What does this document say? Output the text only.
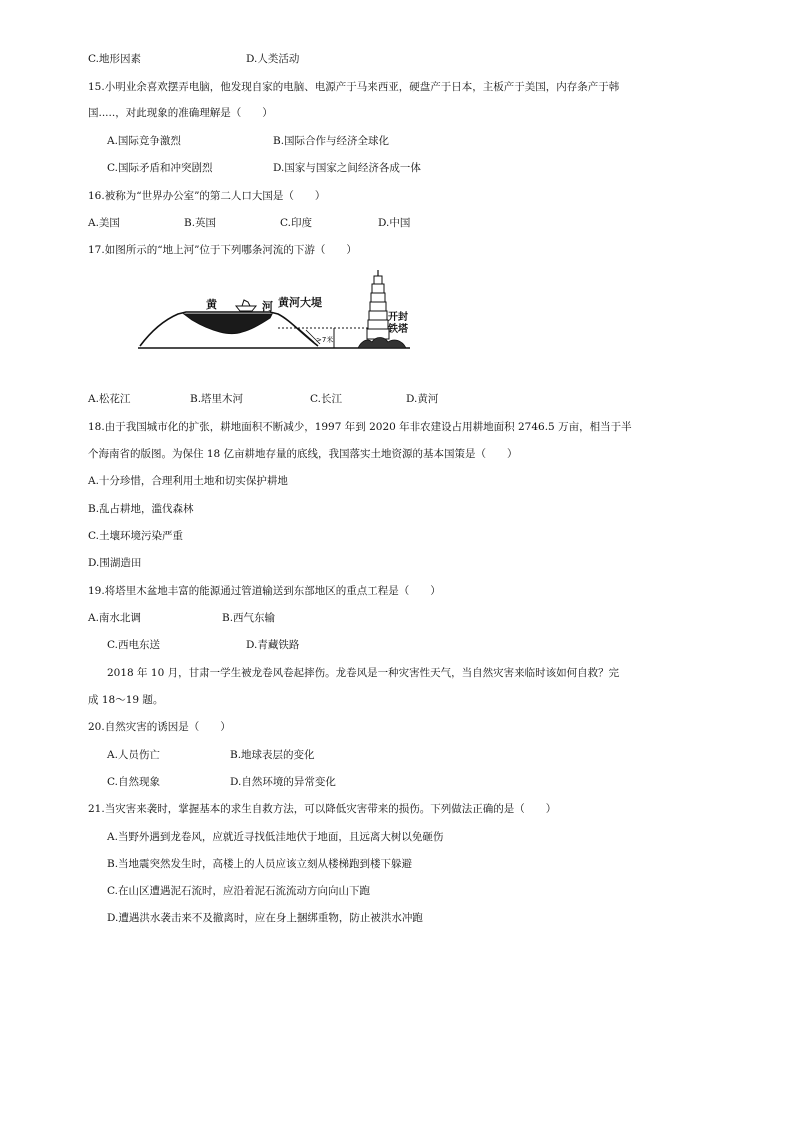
C.地形因素	D.人类活动
15.小明业余喜欢摆弄电脑，他发现自家的电脑、电源产于马来西亚，硬盘产于日本，主板产于美国，内存条产于韩
国.....，对此现象的准确理解是（　　）
A.国际竞争激烈	B.国际合作与经济全球化
C.国际矛盾和冲突剧烈	D.国家与国家之间经济各成一体
16.被称为“世界办公室”的第二人口大国是（　　）
A.美国	B.英国	C.印度	D.中国
17.如图所示的“地上河”位于下列哪条河流的下游（　　）
黄	河 黄河大堤
开封
铁塔
>7米
A.松花江	B.塔里木河	C.长江	D.黄河
18.由于我国城市化的扩张，耕地面积不断减少，1997 年到 2020 年非农建设占用耕地面积 2746.5 万亩，相当于半
个海南省的版图。为保住 18 亿亩耕地存量的底线，我国落实土地资源的基本国策是（　　）
A.十分珍惜，合理利用土地和切实保护耕地
B.乱占耕地，滥伐森林
C.土壤环境污染严重
D.围湖造田
19.将塔里木盆地丰富的能源通过管道输送到东部地区的重点工程是（　　）
A.南水北调	B.西气东输
C.西电东送	D.青藏铁路
2018 年 10 月，甘肃一学生被龙卷风卷起摔伤。龙卷风是一种灾害性天气，当自然灾害来临时该如何自救？完
成 18～19 题。
20.自然灾害的诱因是（　　）
A.人员伤亡	B.地球表层的变化
C.自然现象	D.自然环境的异常变化
21.当灾害来袭时，掌握基本的求生自救方法，可以降低灾害带来的损伤。下列做法正确的是（　　）
A.当野外遇到龙卷风，应就近寻找低洼地伏于地面，且远离大树以免砸伤
B.当地震突然发生时，高楼上的人员应该立刻从楼梯跑到楼下躲避
C.在山区遭遇泥石流时，应沿着泥石流流动方向向山下跑
D.遭遇洪水袭击来不及撤离时，应在身上捆绑重物，防止被洪水冲跑
